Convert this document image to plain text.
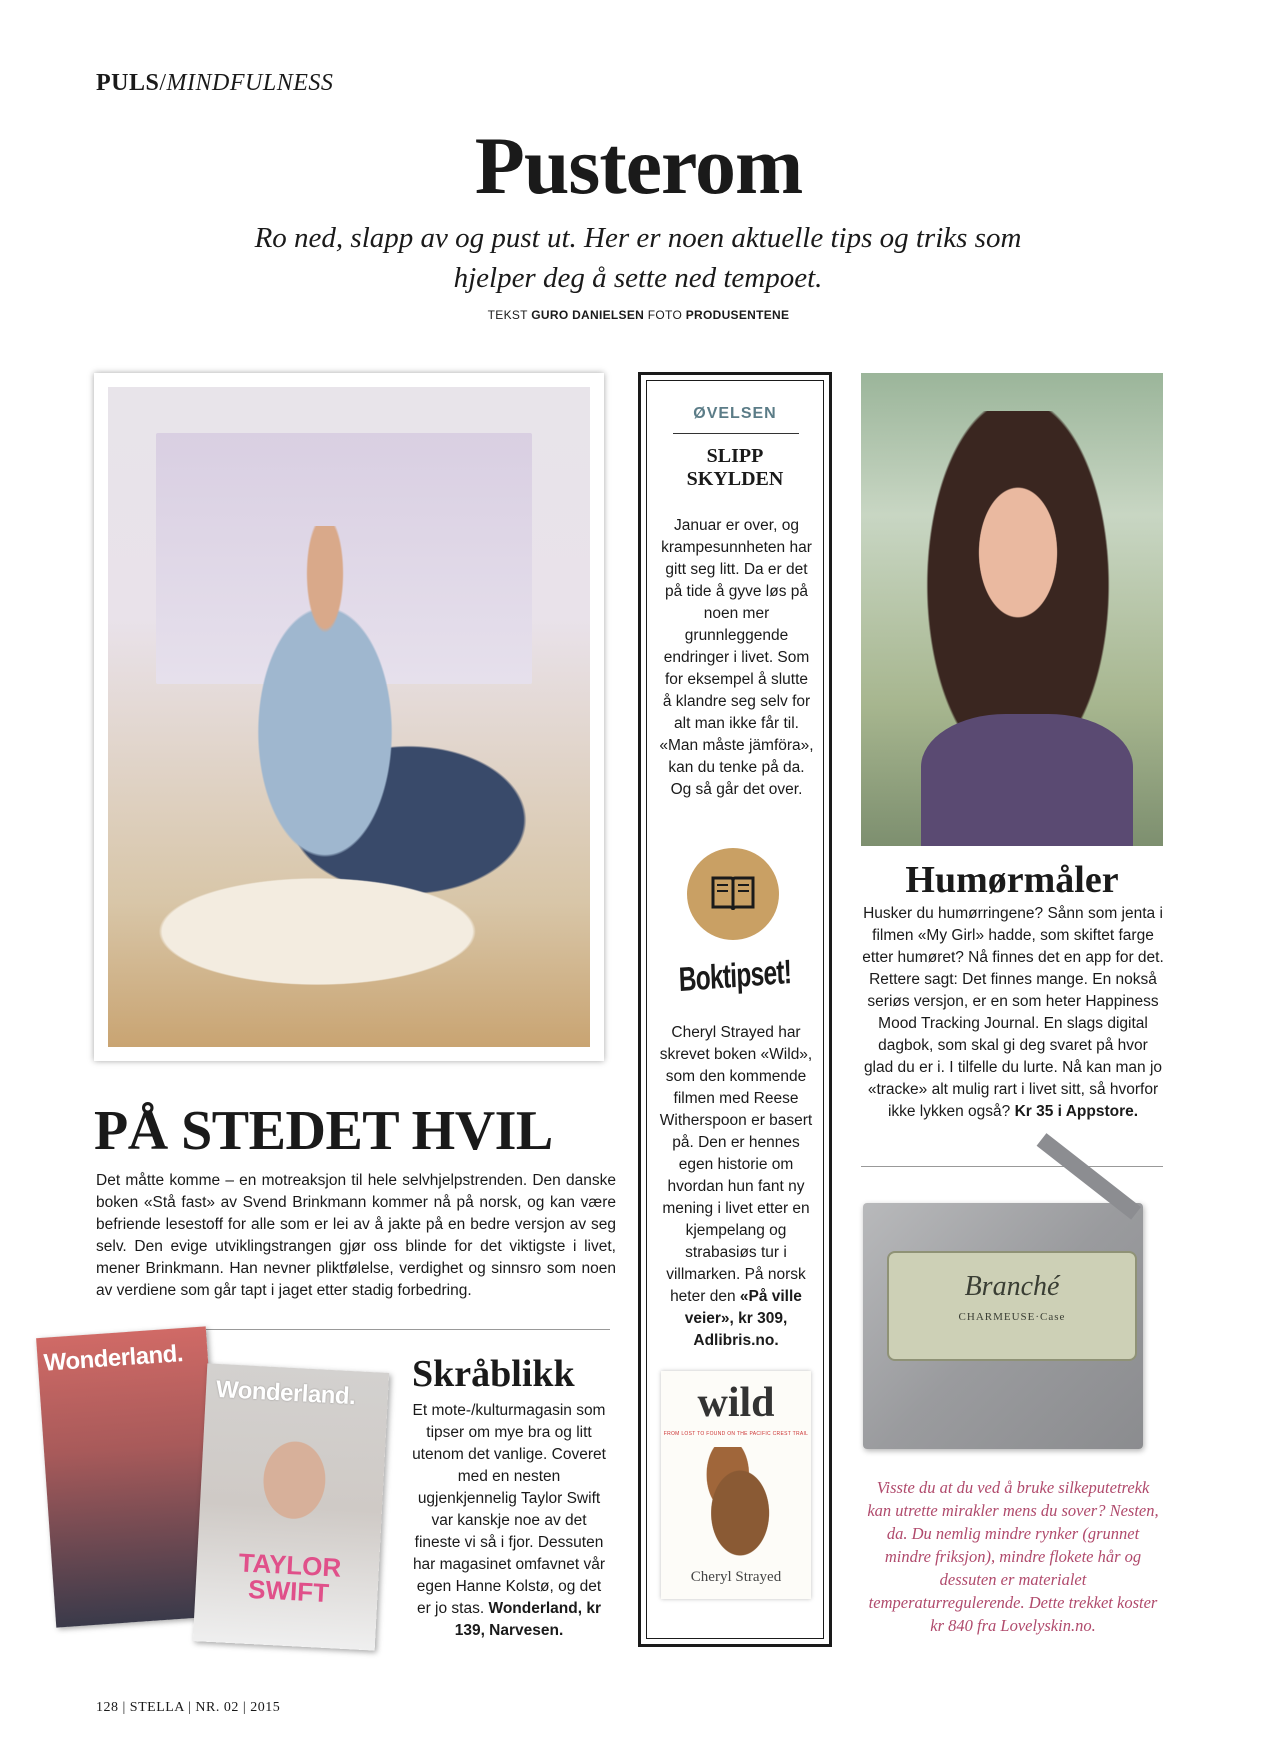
PULS/MINDFULNESS
Pusterom

Ro ned, slapp av og pust ut. Her er noen aktuelle tips og triks som hjelper deg å sette ned tempoet.

TEKST GURO DANIELSEN FOTO PRODUSENTENE
PÅ STEDET HVIL

Det måtte komme – en motreaksjon til hele selvhjelpstrenden. Den danske boken «Stå fast» av Svend Brinkmann kommer nå på norsk, og kan være befriende lesestoff for alle som er lei av å jakte på en bedre versjon av seg selv. Den evige utviklingstrangen gjør oss blinde for det viktigste i livet, mener Brinkmann. Han nevner pliktfølelse, verdighet og sinnsro som noen av verdiene som går tapt i jaget etter stadig forbedring.

Wonderland.
Wonderland.
TAYLOR SWIFT
Skråblikk

Et mote-/kulturmagasin som tipser om mye bra og litt utenom det vanlige. Coveret med en nesten ugjenkjennelig Taylor Swift var kanskje noe av det fineste vi så i fjor. Dessuten har magasinet omfavnet vår egen Hanne Kolstø, og det er jo stas. Wonderland, kr 139, Narvesen.

ØVELSEN
SLIPP
SKYLDEN

Januar er over, og krampesunnheten har gitt seg litt. Da er det på tide å gyve løs på noen mer grunnleggende endringer i livet. Som for eksempel å slutte å klandre seg selv for alt man ikke får til. «Man måste jämföra», kan du tenke på da. Og så går det over.

Boktipset!

Cheryl Strayed har skrevet boken «Wild», som den kommende filmen med Reese Witherspoon er basert på. Den er hennes egen historie om hvordan hun fant ny mening i livet etter en kjempelang og strabasiøs tur i villmarken. På norsk heter den «På ville veier», kr 309, Adlibris.no.

wild
FROM LOST TO FOUND ON THE PACIFIC CREST TRAIL
Cheryl Strayed
Humørmåler

Husker du humørringene? Sånn som jenta i filmen «My Girl» hadde, som skiftet farge etter humøret? Nå finnes det en app for det. Rettere sagt: Det finnes mange. En nokså seriøs versjon, er en som heter Happiness Mood Tracking Journal. En slags digital dagbok, som skal gi deg svaret på hvor glad du er i. I tilfelle du lurte. Nå kan man jo «tracke» alt mulig rart i livet sitt, så hvorfor ikke lykken også? Kr 35 i Appstore.

Branché
CHARMEUSE·Case

Visste du at du ved å bruke silkeputetrekk kan utrette mirakler mens du sover? Nesten, da. Du nemlig mindre rynker (grunnet mindre friksjon), mindre flokete hår og dessuten er materialet temperaturregulerende. Dette trekket koster kr 840 fra Lovelyskin.no.

128 | STELLA | NR. 02 | 2015
